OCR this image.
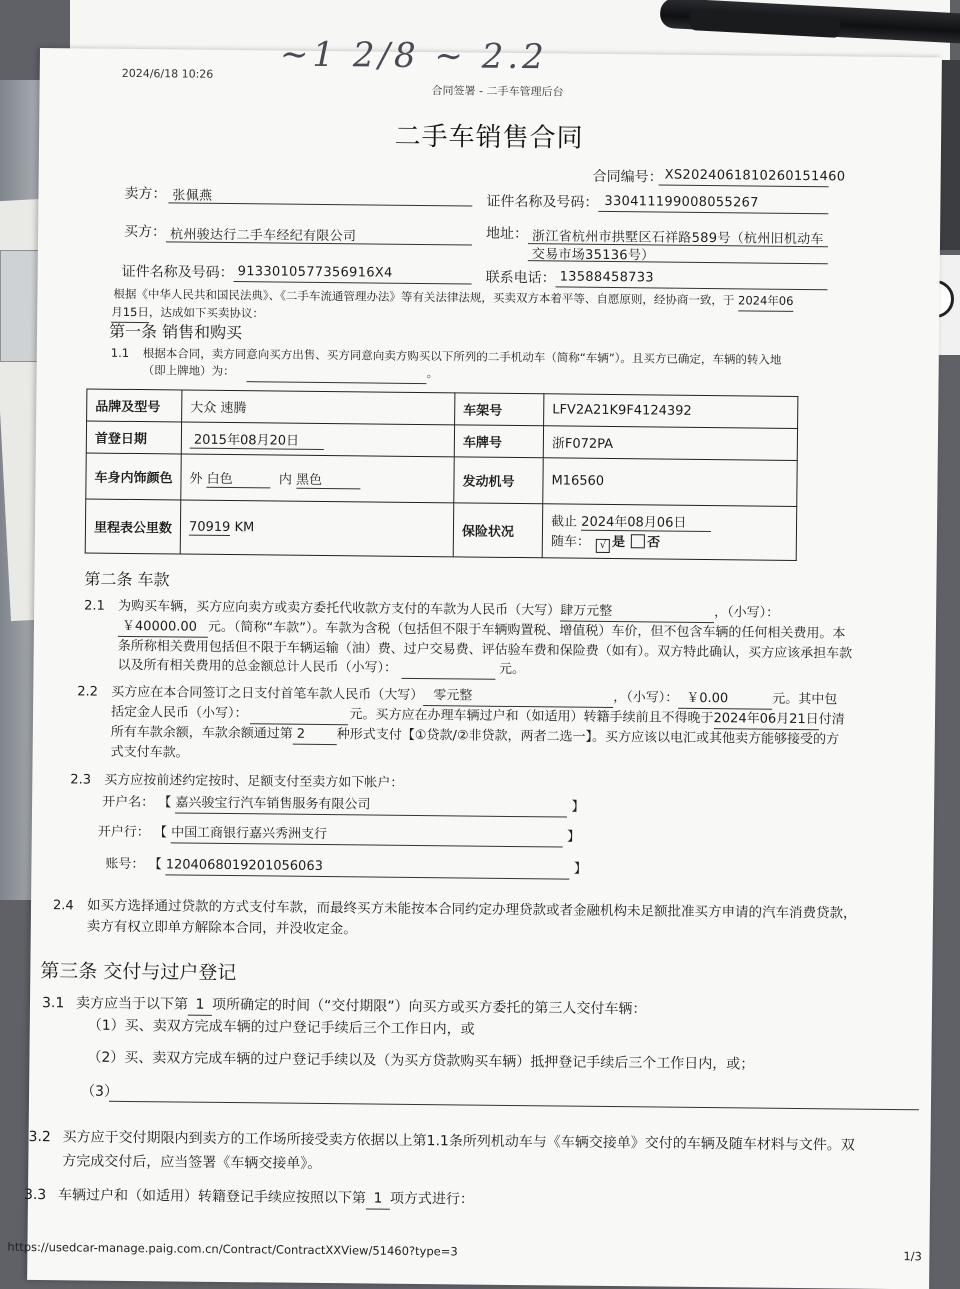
~1 2/8 ~ 2.2
2024/6/18 10:26
合同签署 - 二手车管理后台
二手车销售合同
合同编号： XS2024061810260151460
卖方： 张佩燕	证件名称及号码： 330411199008055267
买方： 杭州骏达行二手车经纪有限公司	地址： 浙江省杭州市拱墅区石祥路589号（杭州旧机动车
交易市场35136号）
证件名称及号码： 9133010577356916X4	联系电话： 13588458733
根据《中华人民共和国民法典》、《二手车流通管理办法》等有关法律法规，买卖双方本着平等、自愿原则，经协商一致，于 2024年06
月15日，达成如下买卖协议：
第一条 销售和购买
1.1 根据本合同，卖方同意向买方出售、买方同意向卖方购买以下所列的二手机动车（简称“车辆”）。且买方已确定，车辆的转入地
（即上牌地）为：	。
品牌及型号	大众 速腾	车架号	LFV2A21K9F4124392
首登日期	2015年08月20日	车牌号	浙F072PA
车身内饰颜色	外 白色 内 黑色	发动机号	M16560
里程表公里数	70919 KM	保险状况	截止 2024年08月06日
随车： √ 是 否
第二条 车款
2.1 为购买车辆，买方应向卖方或卖方委托代收款方支付的车款为人民币（大写）肆万元整	，（小写）：
￥40000.00 元。（简称“车款”）。车款为含税（包括但不限于车辆购置税、增值税）车价，但不包含车辆的任何相关费用。本
条所称相关费用包括但不限于车辆运输（油）费、过户交易费、评估验车费和保险费（如有）。双方特此确认，买方应该承担车款
以及所有相关费用的总金额总计人民币（小写）：	元。
2.2 买方应在本合同签订之日支付首笔车款人民币（大写） 零元整	，（小写）： ￥0.00	元。其中包
括定金人民币（小写）：	元。买方应在办理车辆过户和（如适用）转籍手续前且不得晚于2024年06月21日付清
所有车款余额，车款余额通过第 2 种形式支付【①贷款/②非贷款，两者二选一】。买方应该以电汇或其他卖方能够接受的方
式支付车款。
2.3 买方应按前述约定按时、足额支付至卖方如下帐户：
开户名： 【 嘉兴骏宝行汽车销售服务有限公司	】
开户行： 【 中国工商银行嘉兴秀洲支行	】
账号： 【 1204068019201056063	】
2.4 如买方选择通过贷款的方式支付车款，而最终买方未能按本合同约定办理贷款或者金融机构未足额批准买方申请的汽车消费贷款，
卖方有权立即单方解除本合同，并没收定金。
第三条 交付与过户登记
3.1 卖方应当于以下第 1 项所确定的时间（“交付期限”）向买方或买方委托的第三人交付车辆：
（1）买、卖双方完成车辆的过户登记手续后三个工作日内，或
（2）买、卖双方完成车辆的过户登记手续以及（为买方贷款购买车辆）抵押登记手续后三个工作日内，或；
（3）
3.2 买方应于交付期限内到卖方的工作场所接受卖方依据以上第1.1条所列机动车与《车辆交接单》交付的车辆及随车材料与文件。双
方完成交付后，应当签署《车辆交接单》。
3.3 车辆过户和（如适用）转籍登记手续应按照以下第 1 项方式进行：
https://usedcar-manage.paig.com.cn/Contract/ContractXXView/51460?type=3	1/3
